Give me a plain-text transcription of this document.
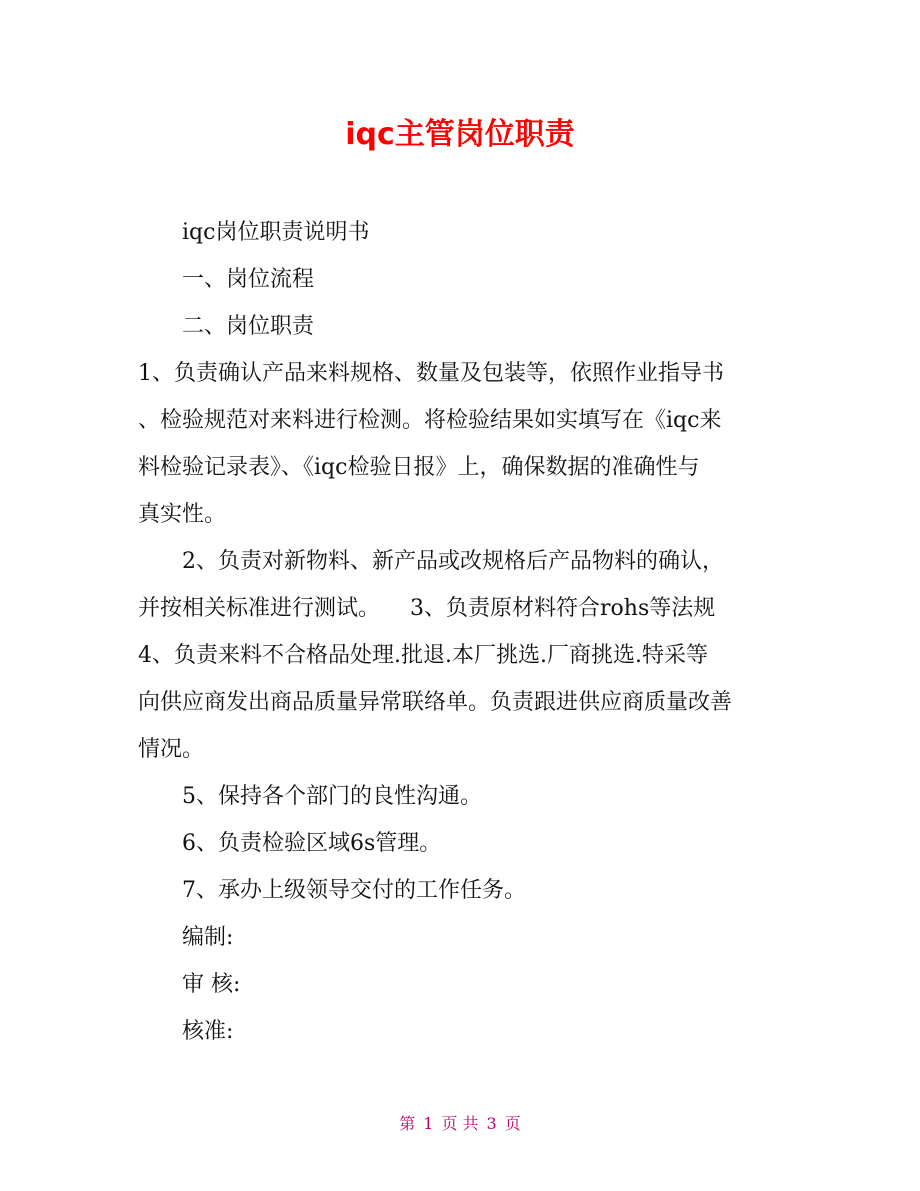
iqc主管岗位职责

iqc岗位职责说明书

一、岗位流程

二、岗位职责

1、负责确认产品来料规格、数量及包装等，依照作业指导书

、检验规范对来料进行检测。将检验结果如实填写在《iqc来

料检验记录表》、《iqc检验日报》上，确保数据的准确性与

真实性。

2、负责对新物料、新产品或改规格后产品物料的确认，

并按相关标准进行测试。 3、负责原材料符合rohs等法规

4、负责来料不合格品处理.批退.本厂挑选.厂商挑选.特采等

向供应商发出商品质量异常联络单。负责跟进供应商质量改善

情况。

5、保持各个部门的良性沟通。

6、负责检验区域6s管理。

7、承办上级领导交付的工作任务。

编制:

审 核:

核准:

第 1 页 共 3 页
